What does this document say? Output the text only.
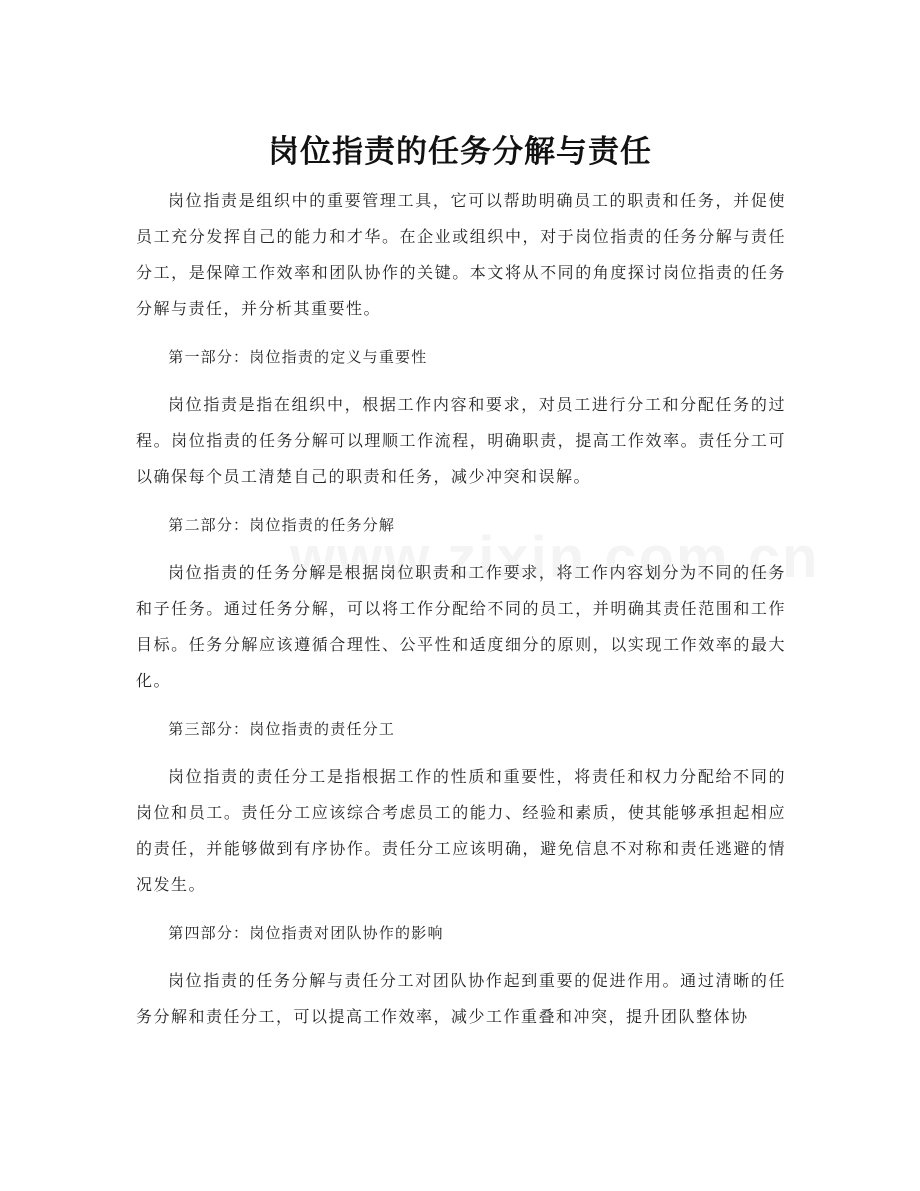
岗位指责的任务分解与责任

岗位指责是组织中的重要管理工具，它可以帮助明确员工的职责和任务，并促使员工充分发挥自己的能力和才华。在企业或组织中，对于岗位指责的任务分解与责任分工，是保障工作效率和团队协作的关键。本文将从不同的角度探讨岗位指责的任务分解与责任，并分析其重要性。

第一部分：岗位指责的定义与重要性

岗位指责是指在组织中，根据工作内容和要求，对员工进行分工和分配任务的过程。岗位指责的任务分解可以理顺工作流程，明确职责，提高工作效率。责任分工可以确保每个员工清楚自己的职责和任务，减少冲突和误解。

第二部分：岗位指责的任务分解

岗位指责的任务分解是根据岗位职责和工作要求，将工作内容划分为不同的任务和子任务。通过任务分解，可以将工作分配给不同的员工，并明确其责任范围和工作目标。任务分解应该遵循合理性、公平性和适度细分的原则，以实现工作效率的最大化。

第三部分：岗位指责的责任分工

岗位指责的责任分工是指根据工作的性质和重要性，将责任和权力分配给不同的岗位和员工。责任分工应该综合考虑员工的能力、经验和素质，使其能够承担起相应的责任，并能够做到有序协作。责任分工应该明确，避免信息不对称和责任逃避的情况发生。

第四部分：岗位指责对团队协作的影响

岗位指责的任务分解与责任分工对团队协作起到重要的促进作用。通过清晰的任务分解和责任分工，可以提高工作效率，减少工作重叠和冲突，提升团队整体协
